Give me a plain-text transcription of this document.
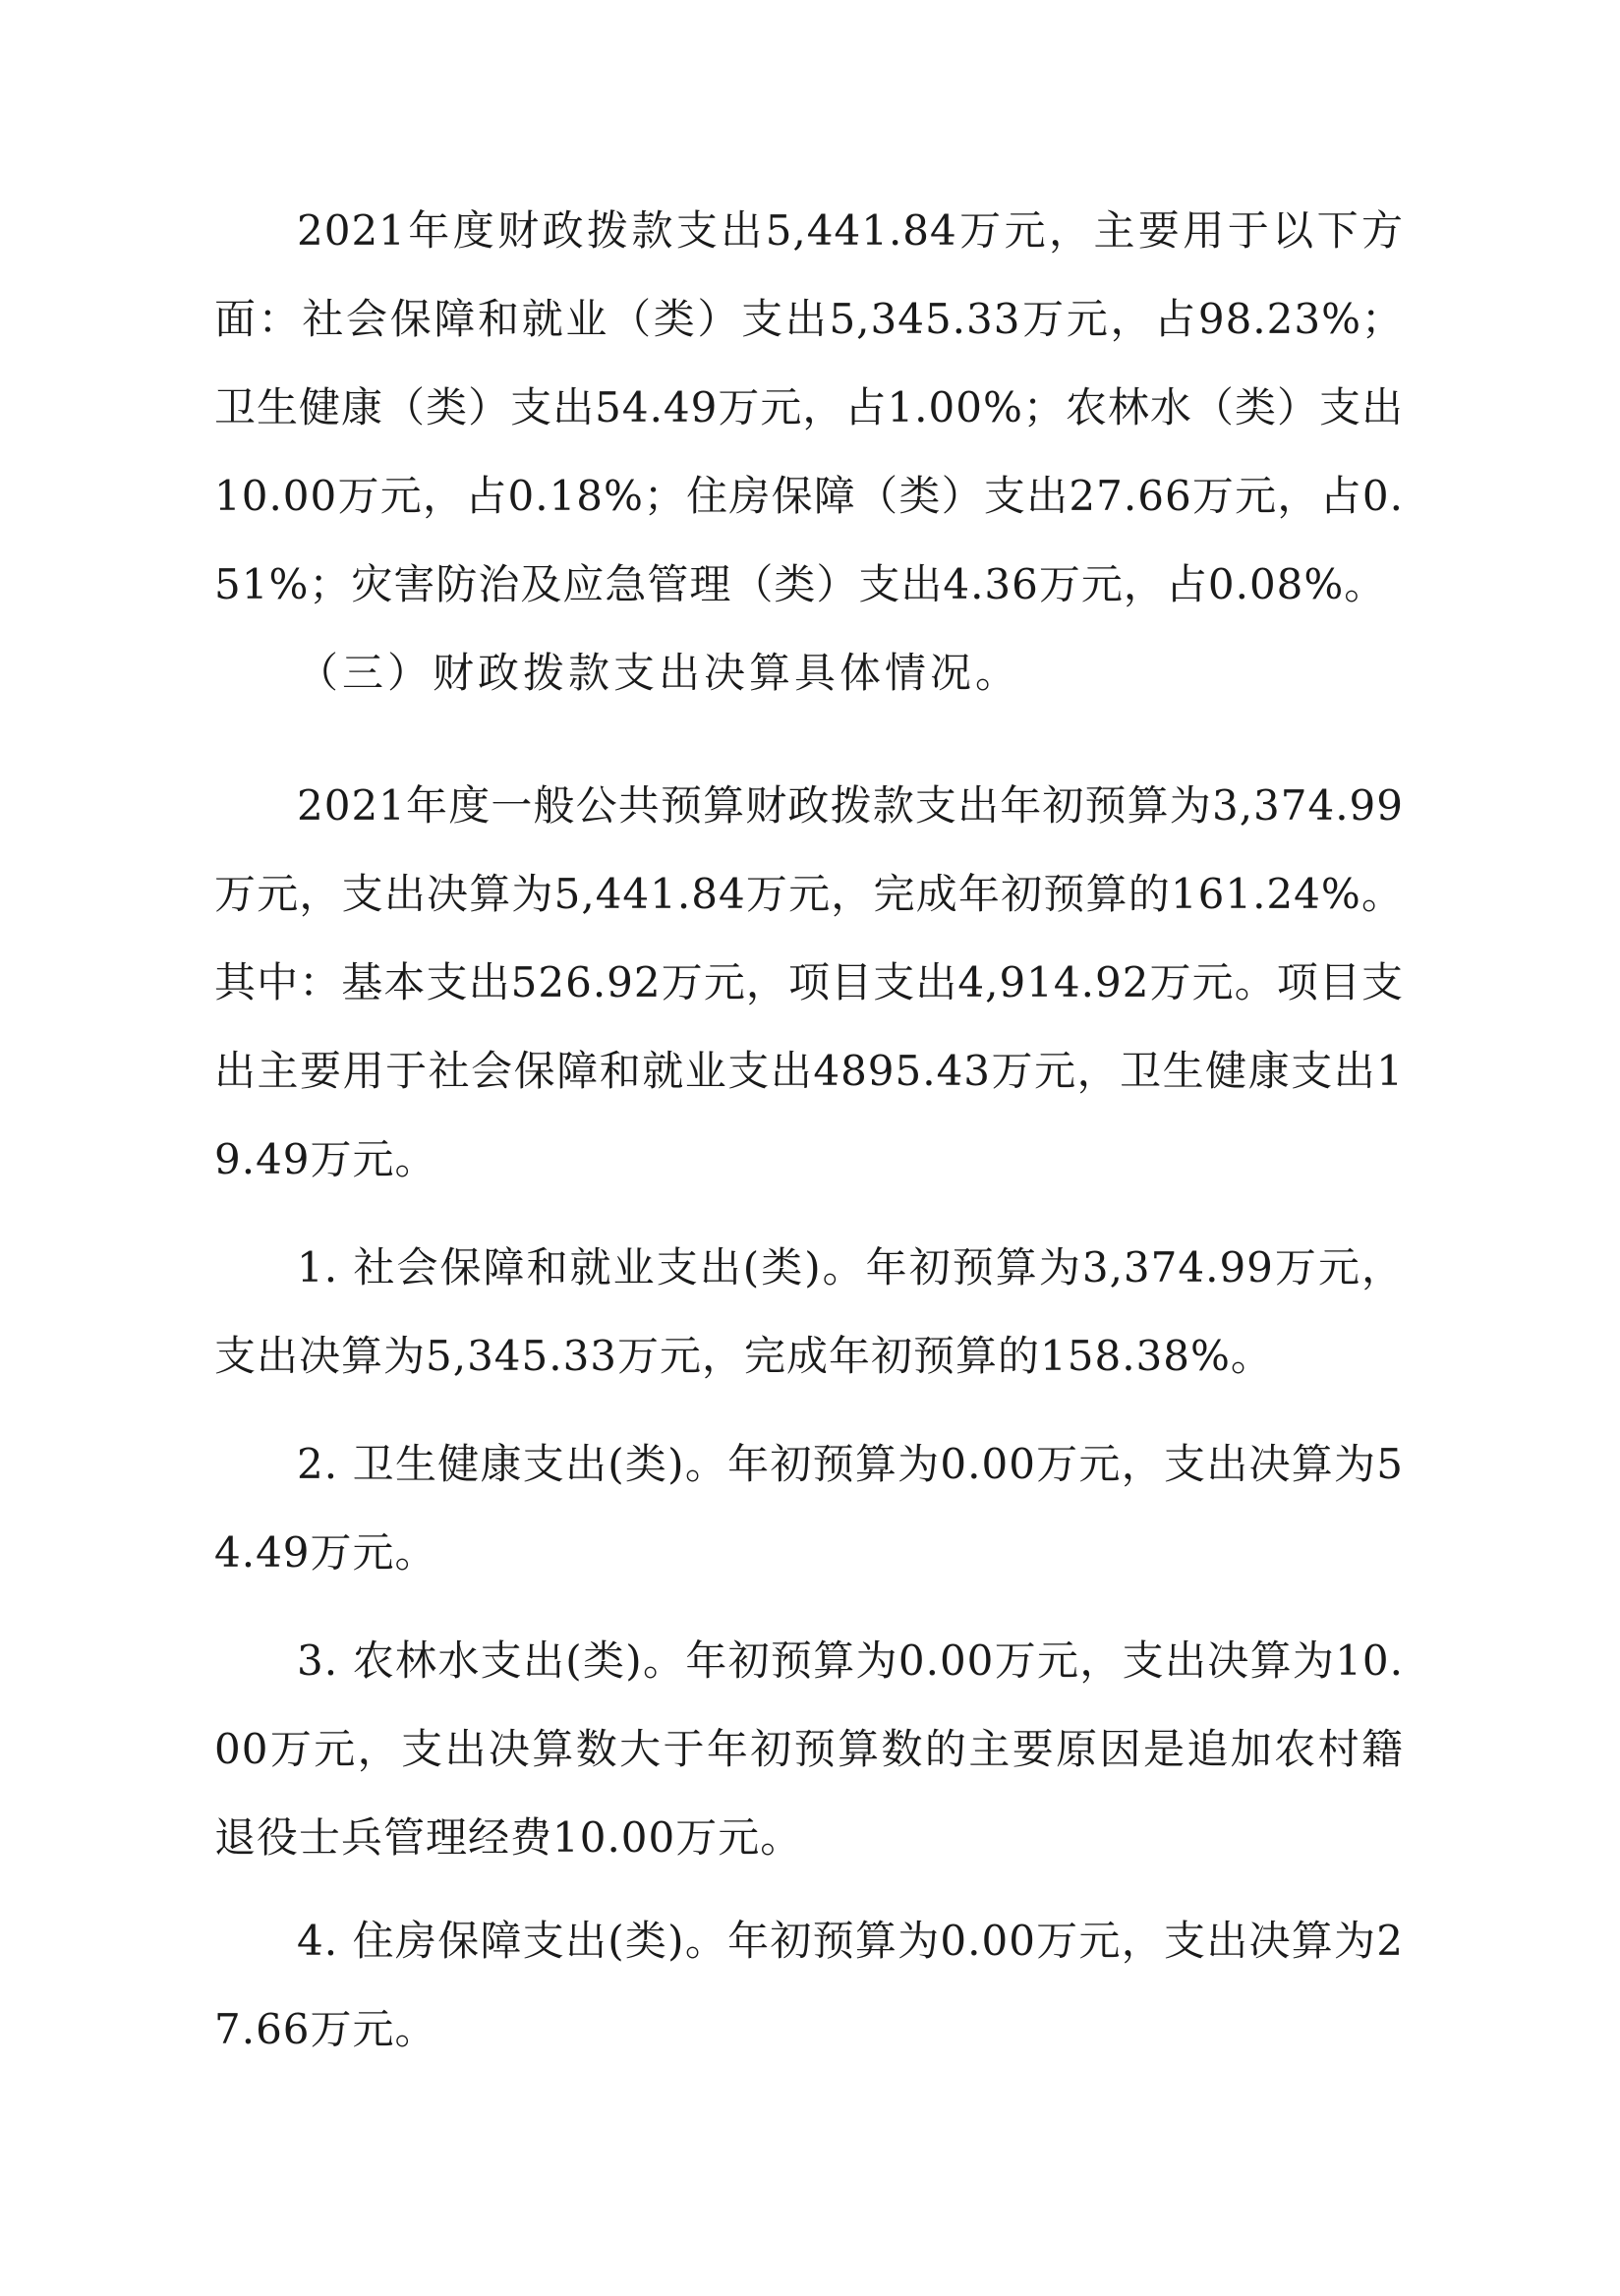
2021年度财政拨款支出5,441.84万元，主要用于以下方面：社会保障和就业（类）支出5,345.33万元，占98.23%；卫生健康（类）支出54.49万元，占1.00%；农林水（类）支出10.00万元，占0.18%；住房保障（类）支出27.66万元，占0.51%；灾害防治及应急管理（类）支出4.36万元，占0.08%。

（三）财政拨款支出决算具体情况。

2021年度一般公共预算财政拨款支出年初预算为3,374.99万元，支出决算为5,441.84万元，完成年初预算的161.24%。其中：基本支出526.92万元，项目支出4,914.92万元。项目支出主要用于社会保障和就业支出4895.43万元，卫生健康支出19.49万元。

1. 社会保障和就业支出(类)。年初预算为3,374.99万元，支出决算为5,345.33万元，完成年初预算的158.38%。

2. 卫生健康支出(类)。年初预算为0.00万元，支出决算为54.49万元。

3. 农林水支出(类)。年初预算为0.00万元，支出决算为10.00万元，支出决算数大于年初预算数的主要原因是追加农村籍退役士兵管理经费10.00万元。

4. 住房保障支出(类)。年初预算为0.00万元，支出决算为27.66万元。
